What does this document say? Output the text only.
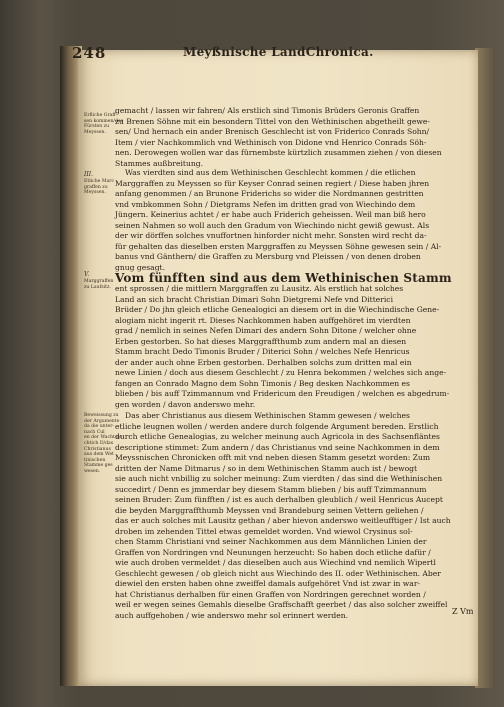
248	Meyßnische LandChronica.
Erfliche Graff
sen kommen/des
Fürsten zu
Meyssen.
gemacht / lassen wir fahren/ Als erstlich sind Timonis Brüders Geronis Graffen
zu Brenen Söhne mit ein besondern Tittel von den Wethinischen abgetheilt gewe-
sen/ Und hernach ein ander Brenisch Geschlecht ist von Friderico Conrads Sohn/
Item / vier Nachkommlich vnd Wethinisch von Didone vnd Henrico Conrads Söh-
nen. Derowegen wollen war das fürnembste kürtzlich zusammen ziehen / von diesen
Stammes außbreitung.
III.
Etliche Marc
graffen zu
Meyssen.
Was vierdten sind aus dem Wethinischen Geschlecht kommen / die etlichen
Marggraffen zu Meyssen so für Keyser Conrad seinen regiert / Diese haben jhren
anfang genommen / an Brunone Friderichs so wider die Nordmannen gestritten
vnd vmbkommen Sohn / Dietgrams Nefen im dritten grad von Wiechindo dem
Jüngern. Keinerius achtet / er habe auch Friderich geheissen. Weil man biß hero
seinen Nahmen so woll auch den Gradum von Wiechindo nicht gewiß gewust. Als
der wir dörffen solches vnuffortnen hinforder nicht mehr. Sonsten wird recht da-
für gehalten das dieselben ersten Marggraffen zu Meyssen Söhne gewesen sein / Al-
banus vnd Gänthern/ die Graffen zu Mersburg vnd Pleissen / von denen droben
gnug gesagt.
V.
Marggraffen
zu Laufsitz.
Vom fünfften sind aus dem Wethinischen Stamm
ent sprossen / die mittlern Marggraffen zu Lausitz. Als erstlich hat solches
Land an sich bracht Christian Dimari Sohn Dietgremi Nefe vnd Ditterici
Brüder / Do jhn gleich etliche Genealogici an diesem ort in die Wiechindische Gene-
alogiam nicht ingerit rt. Dieses Nachkommen haben auffgehöret im vierdten
grad / nemlich in seines Nefen Dimari des andern Sohn Ditone / welcher ohne
Erben gestorben. So hat dieses Marggraffthumb zum andern mal an diesen
Stamm bracht Dedo Timonis Bruder / Diterici Sohn / welches Nefe Henricus
der ander auch ohne Erben gestorben. Derhalben solchs zum dritten mal ein
newe Linien / doch aus diesem Geschlecht / zu Henra bekommen / welches sich ange-
fangen an Conrado Magno dem Sohn Timonis / Beg desken Nachkommen es
blieben / bis auff Tzimmannum vnd Fridericum den Freudigen / welchen es abgedrum-
gen worden / davon anderswo mehr.
Beweissung zu
der Argumente
da die unter-
nach Cul
en der Wacht ge
chtich D/das
Christianus
aus dem Wet
tinischen
Stamme ges
wesen.
Das aber Christianus aus diesem Wethinischen Stamm gewesen / welches
etliche leugnen wollen / werden andere durch folgende Argument bereden. Erstlich
durch etliche Genealogias, zu welcher meinung auch Agricola in des Sachsenfläntes
descriptione stimmet: Zum andern / das Christianus vnd seine Nachkommen in dem
Meyssnischen Chronicken offt mit vnd neben diesen Stamm gesetzt worden: Zum
dritten der Name Ditmarus / so in dem Wethinischen Stamm auch ist / bewogt
sie auch nicht vnbillig zu solcher meinung: Zum vierdten / das sind die Wethinischen
succedirt / Denn es jmmerdar bey diesem Stamm blieben / bis auff Tzimmannum
seinen Bruder: Zum fünfften / ist es auch derhalben gleublich / weil Henricus Aucept
die beyden Marggraffthumb Meyssen vnd Brandeburg seinen Vettern geliehen /
das er auch solches mit Lausitz gethan / aber hievon anderswo weitleufftiger / Ist auch
droben im zehenden Tittel etwas gemeldet worden. Vnd wiewol Crysinus sol-
chen Stamm Christiani vnd seiner Nachkommen aus dem Männlichen Linien der
Graffen von Nordringen vnd Neunungen herzeucht: So haben doch etliche dafür /
wie auch droben vermeldet / das dieselben auch aus Wiechind vnd nemlich Wipertl
Geschlecht gewesen / ob gleich nicht aus Wiechindo des II. oder Wethinischen. Aber
diewiel den ersten haben ohne zweiffel damals aufgehöret Vnd ist zwar in war-
hat Christianus derhalben für einen Graffen von Nordringen gerechnet worden /
weil er wegen seines Gemahls dieselbe Graffschafft geerbet / das also solcher zweiffel
auch auffgehoben / wie anderswo mehr sol erinnert werden.	Z Vm
